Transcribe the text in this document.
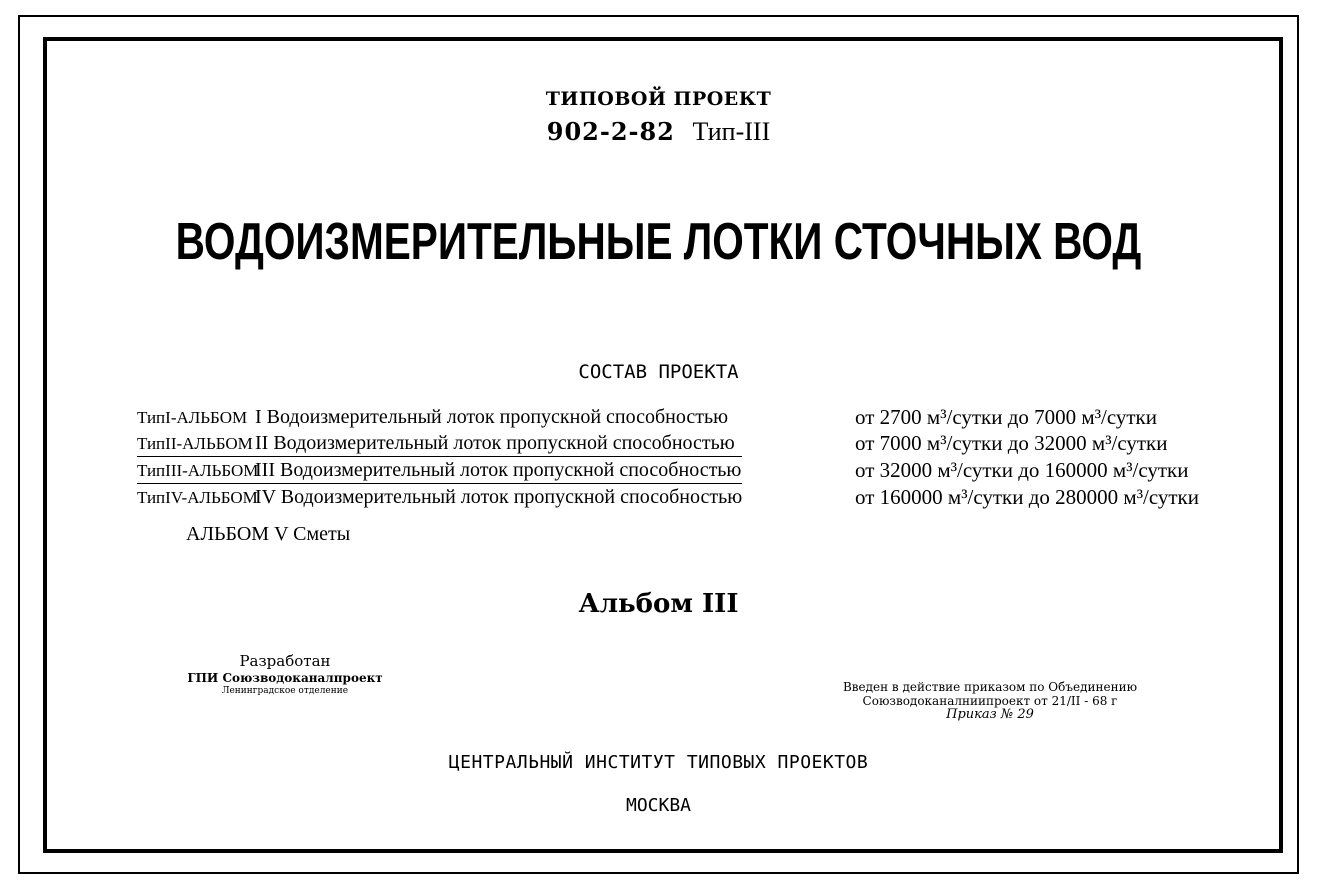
ТИПОВОЙ ПРОЕКТ
902-2-82 Тип-III
ВОДОИЗМЕРИТЕЛЬНЫЕ ЛОТКИ СТОЧНЫХ ВОД
СОСТАВ ПРОЕКТА
ТипI-АЛЬБОМ I Водоизмерительный лоток пропускной способностью	от 2700 м³/сутки до 7000 м³/сутки
ТипII-АЛЬБОМ II Водоизмерительный лоток пропускной способностью	от 7000 м³/сутки до 32000 м³/сутки
ТипIII-АЛЬБОМIII Водоизмерительный лоток пропускной способностью	от 32000 м³/сутки до 160000 м³/сутки
ТипIV-АЛЬБОМIV Водоизмерительный лоток пропускной способностью	от 160000 м³/сутки до 280000 м³/сутки
АЛЬБОМ V Сметы
Альбом III
Разработан
ГПИ Союзводоканалпроект
Ленинградское отделение	Введен в действие приказом по Объединению
Союзводоканалниипроект от 21/II - 68 г
Приказ № 29
ЦЕНТРАЛЬНЫЙ ИНСТИТУТ ТИПОВЫХ ПРОЕКТОВ
МОСКВА
